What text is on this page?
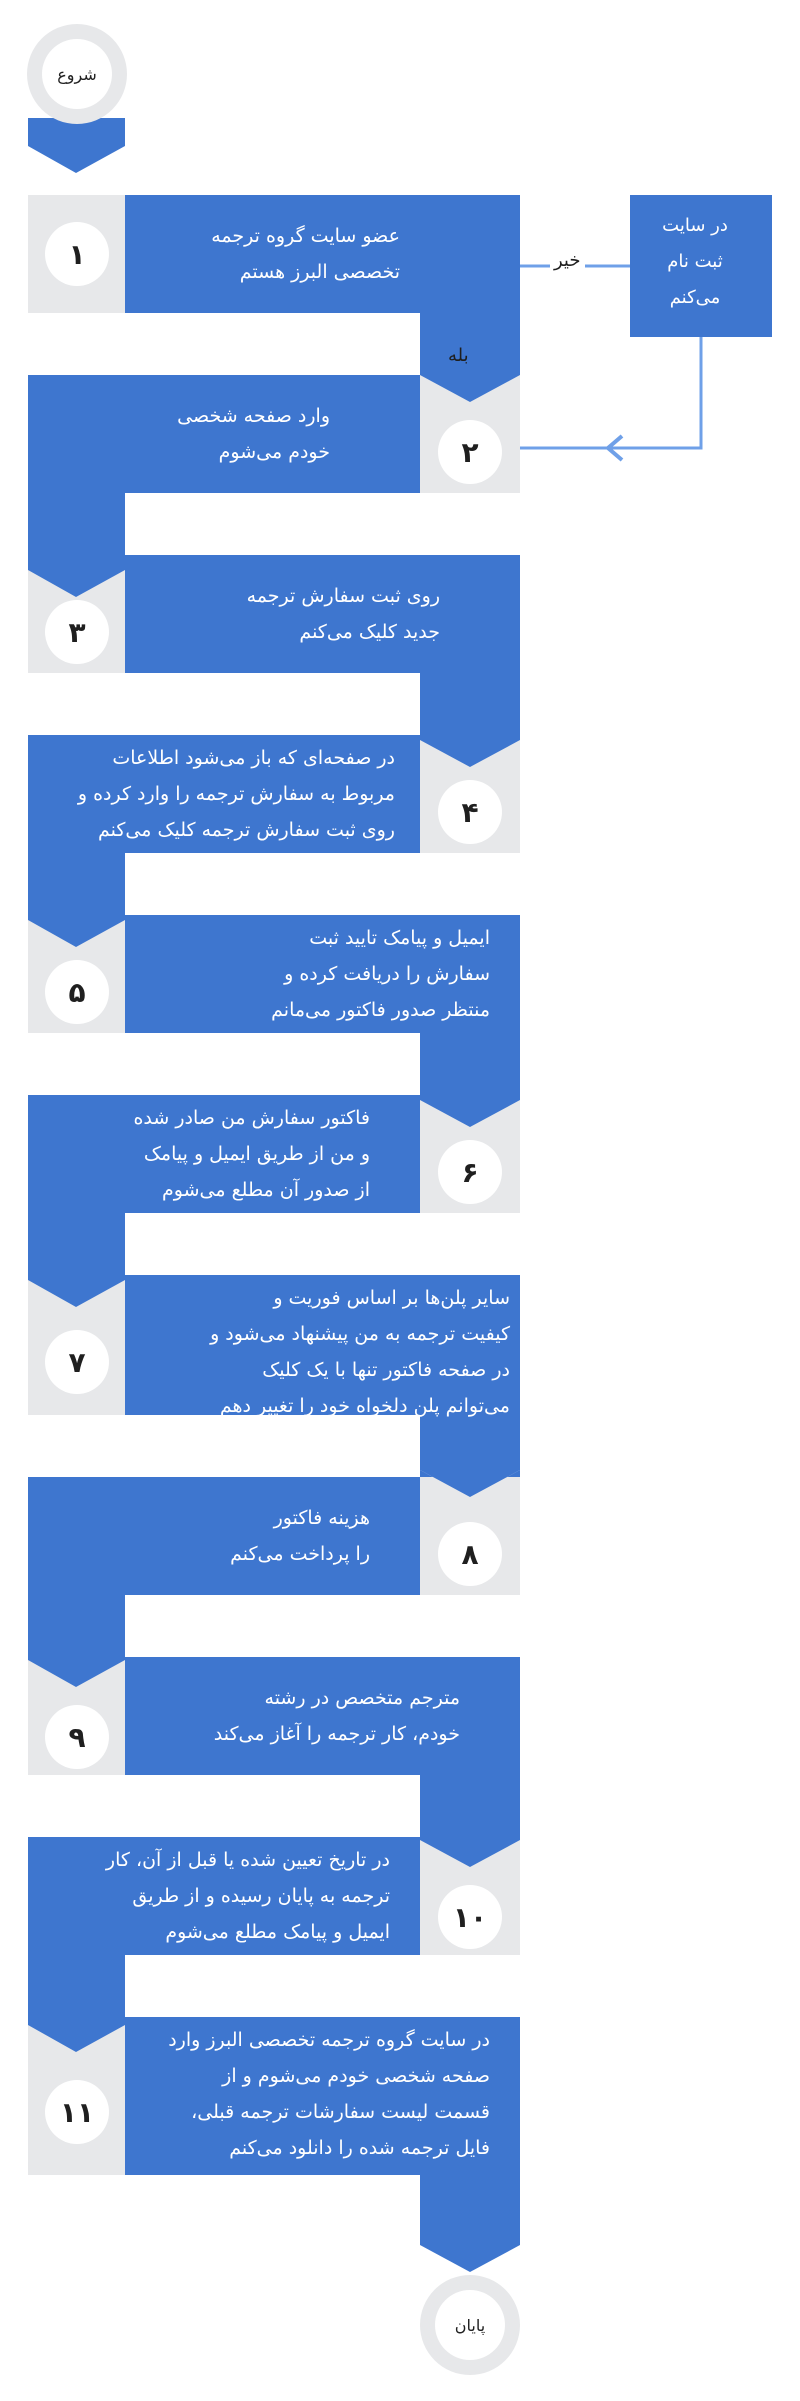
شروع
پایان
در سایت
ثبت نام
می‌کنم
خیر
بله
۱
۲
۳
۴
۵
۶
۷
۸
۹
۱۰
۱۱
عضو سایت گروه ترجمه
تخصصی البرز هستم
وارد صفحه شخصی
خودم می‌شوم
روی ثبت سفارش ترجمه
جدید کلیک می‌کنم
در صفحه‌ای که باز می‌شود اطلاعات
مربوط به سفارش ترجمه را وارد کرده و
روی ثبت سفارش ترجمه کلیک می‌کنم
ایمیل و پیامک تایید ثبت
سفارش را دریافت کرده و
منتظر صدور فاکتور می‌مانم
فاکتور سفارش من صادر شده
و من از طریق ایمیل و پیامک
از صدور آن مطلع می‌شوم
سایر پلن‌ها بر اساس فوریت و
کیفیت ترجمه به من پیشنهاد می‌شود و
در صفحه فاکتور تنها با یک کلیک
می‌توانم پلن دلخواه خود را تغییر دهم
هزینه فاکتور
را پرداخت می‌کنم
مترجم متخصص در رشته
خودم، کار ترجمه را آغاز می‌کند
در تاریخ تعیین شده یا قبل از آن، کار
ترجمه به پایان رسیده و از طریق
ایمیل و پیامک مطلع می‌شوم
در سایت گروه ترجمه تخصصی البرز وارد
صفحه شخصی خودم می‌شوم و از
قسمت لیست سفارشات ترجمه قبلی،
فایل ترجمه شده را دانلود می‌کنم
